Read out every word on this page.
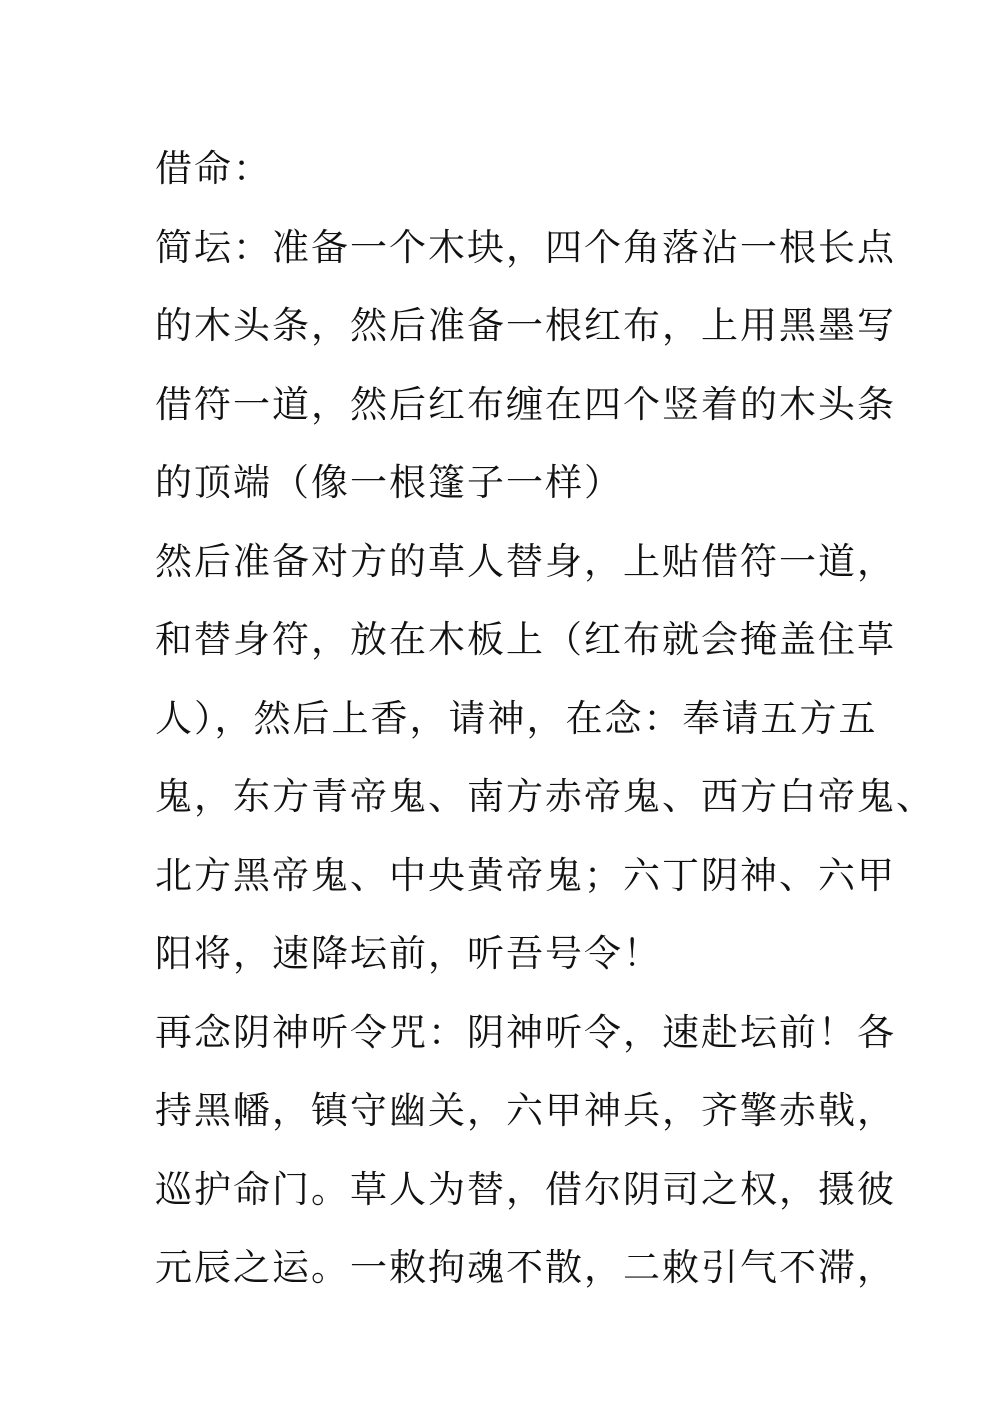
借命：
简坛：准备一个木块，四个角落沾一根长点
的木头条，然后准备一根红布，上用黑墨写
借符一道，然后红布缠在四个竖着的木头条
的顶端（像一根篷子一样）
然后准备对方的草人替身，上贴借符一道，
和替身符，放在木板上（红布就会掩盖住草
人），然后上香，请神，在念：奉请五方五
鬼，东方青帝鬼、南方赤帝鬼、西方白帝鬼、
北方黑帝鬼、中央黄帝鬼；六丁阴神、六甲
阳将，速降坛前，听吾号令！
再念阴神听令咒：阴神听令，速赴坛前！各
持黑幡，镇守幽关，六甲神兵，齐擎赤戟，
巡护命门。草人为替，借尔阴司之权，摄彼
元辰之运。一敕拘魂不散，二敕引气不滞，
